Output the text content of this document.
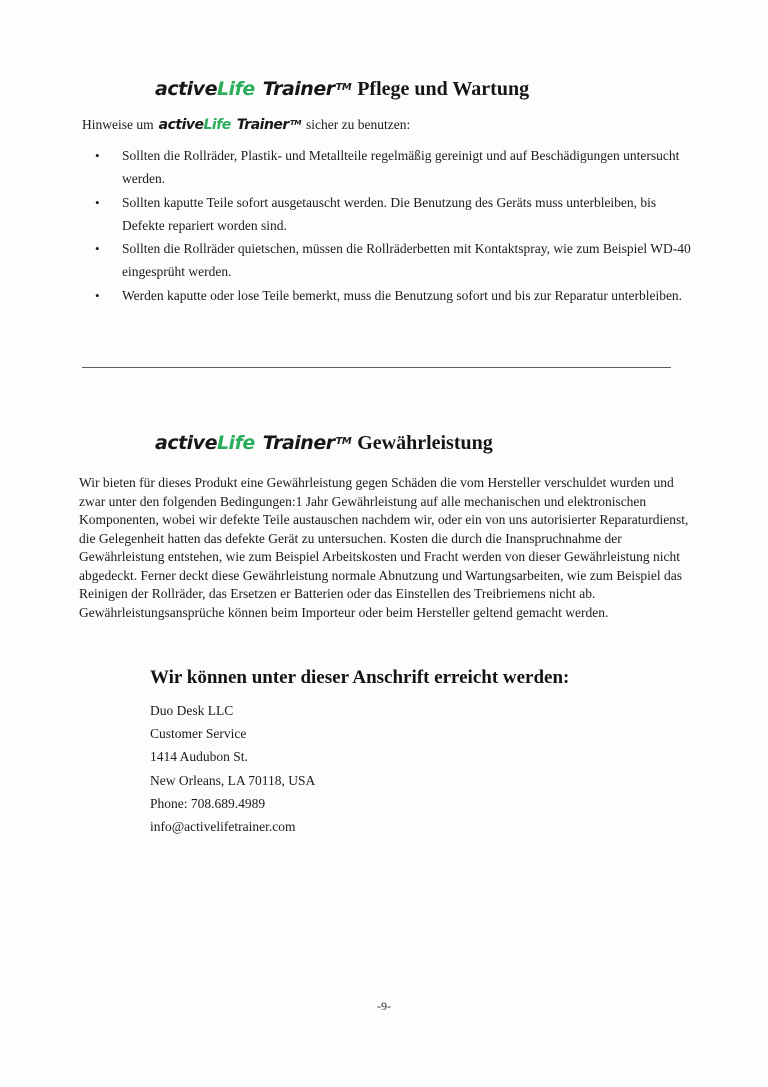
activeLife Trainer™ Pflege und Wartung

Hinweise um activeLife Trainer™ sicher zu benutzen:

•	Sollten die Rollräder, Plastik- und Metallteile regelmäßig gereinigt und auf Beschädigungen untersucht werden.
•	Sollten kaputte Teile sofort ausgetauscht werden. Die Benutzung des Geräts muss unterbleiben, bis Defekte repariert worden sind.
•	Sollten die Rollräder quietschen, müssen die Rollräderbetten mit Kontaktspray, wie zum Beispiel WD-40 eingesprüht werden.
•	Werden kaputte oder lose Teile bemerkt, muss die Benutzung sofort und bis zur Reparatur unterbleiben.
activeLife Trainer™ Gewährleistung

Wir bieten für dieses Produkt eine Gewährleistung gegen Schäden die vom Hersteller verschuldet wurden und zwar unter den folgenden Bedingungen:1 Jahr Gewährleistung auf alle mechanischen und elektronischen Komponenten, wobei wir defekte Teile austauschen nachdem wir, oder ein von uns autorisierter Reparaturdienst, die Gelegenheit hatten das defekte Gerät zu untersuchen. Kosten die durch die Inanspruchnahme der Gewährleistung entstehen, wie zum Beispiel Arbeitskosten und Fracht werden von dieser Gewährleistung nicht abgedeckt. Ferner deckt diese Gewährleistung normale Abnutzung und Wartungsarbeiten, wie zum Beispiel das Reinigen der Rollräder, das Ersetzen er Batterien oder das Einstellen des Treibriemens nicht ab.  Gewährleistungsansprüche können beim Importeur oder beim Hersteller geltend gemacht werden.

Wir können unter dieser Anschrift erreicht werden:
Duo Desk LLC
Customer Service
1414 Audubon St.
New Orleans, LA 70118, USA
Phone: 708.689.4989
info@activelifetrainer.com
-9-
